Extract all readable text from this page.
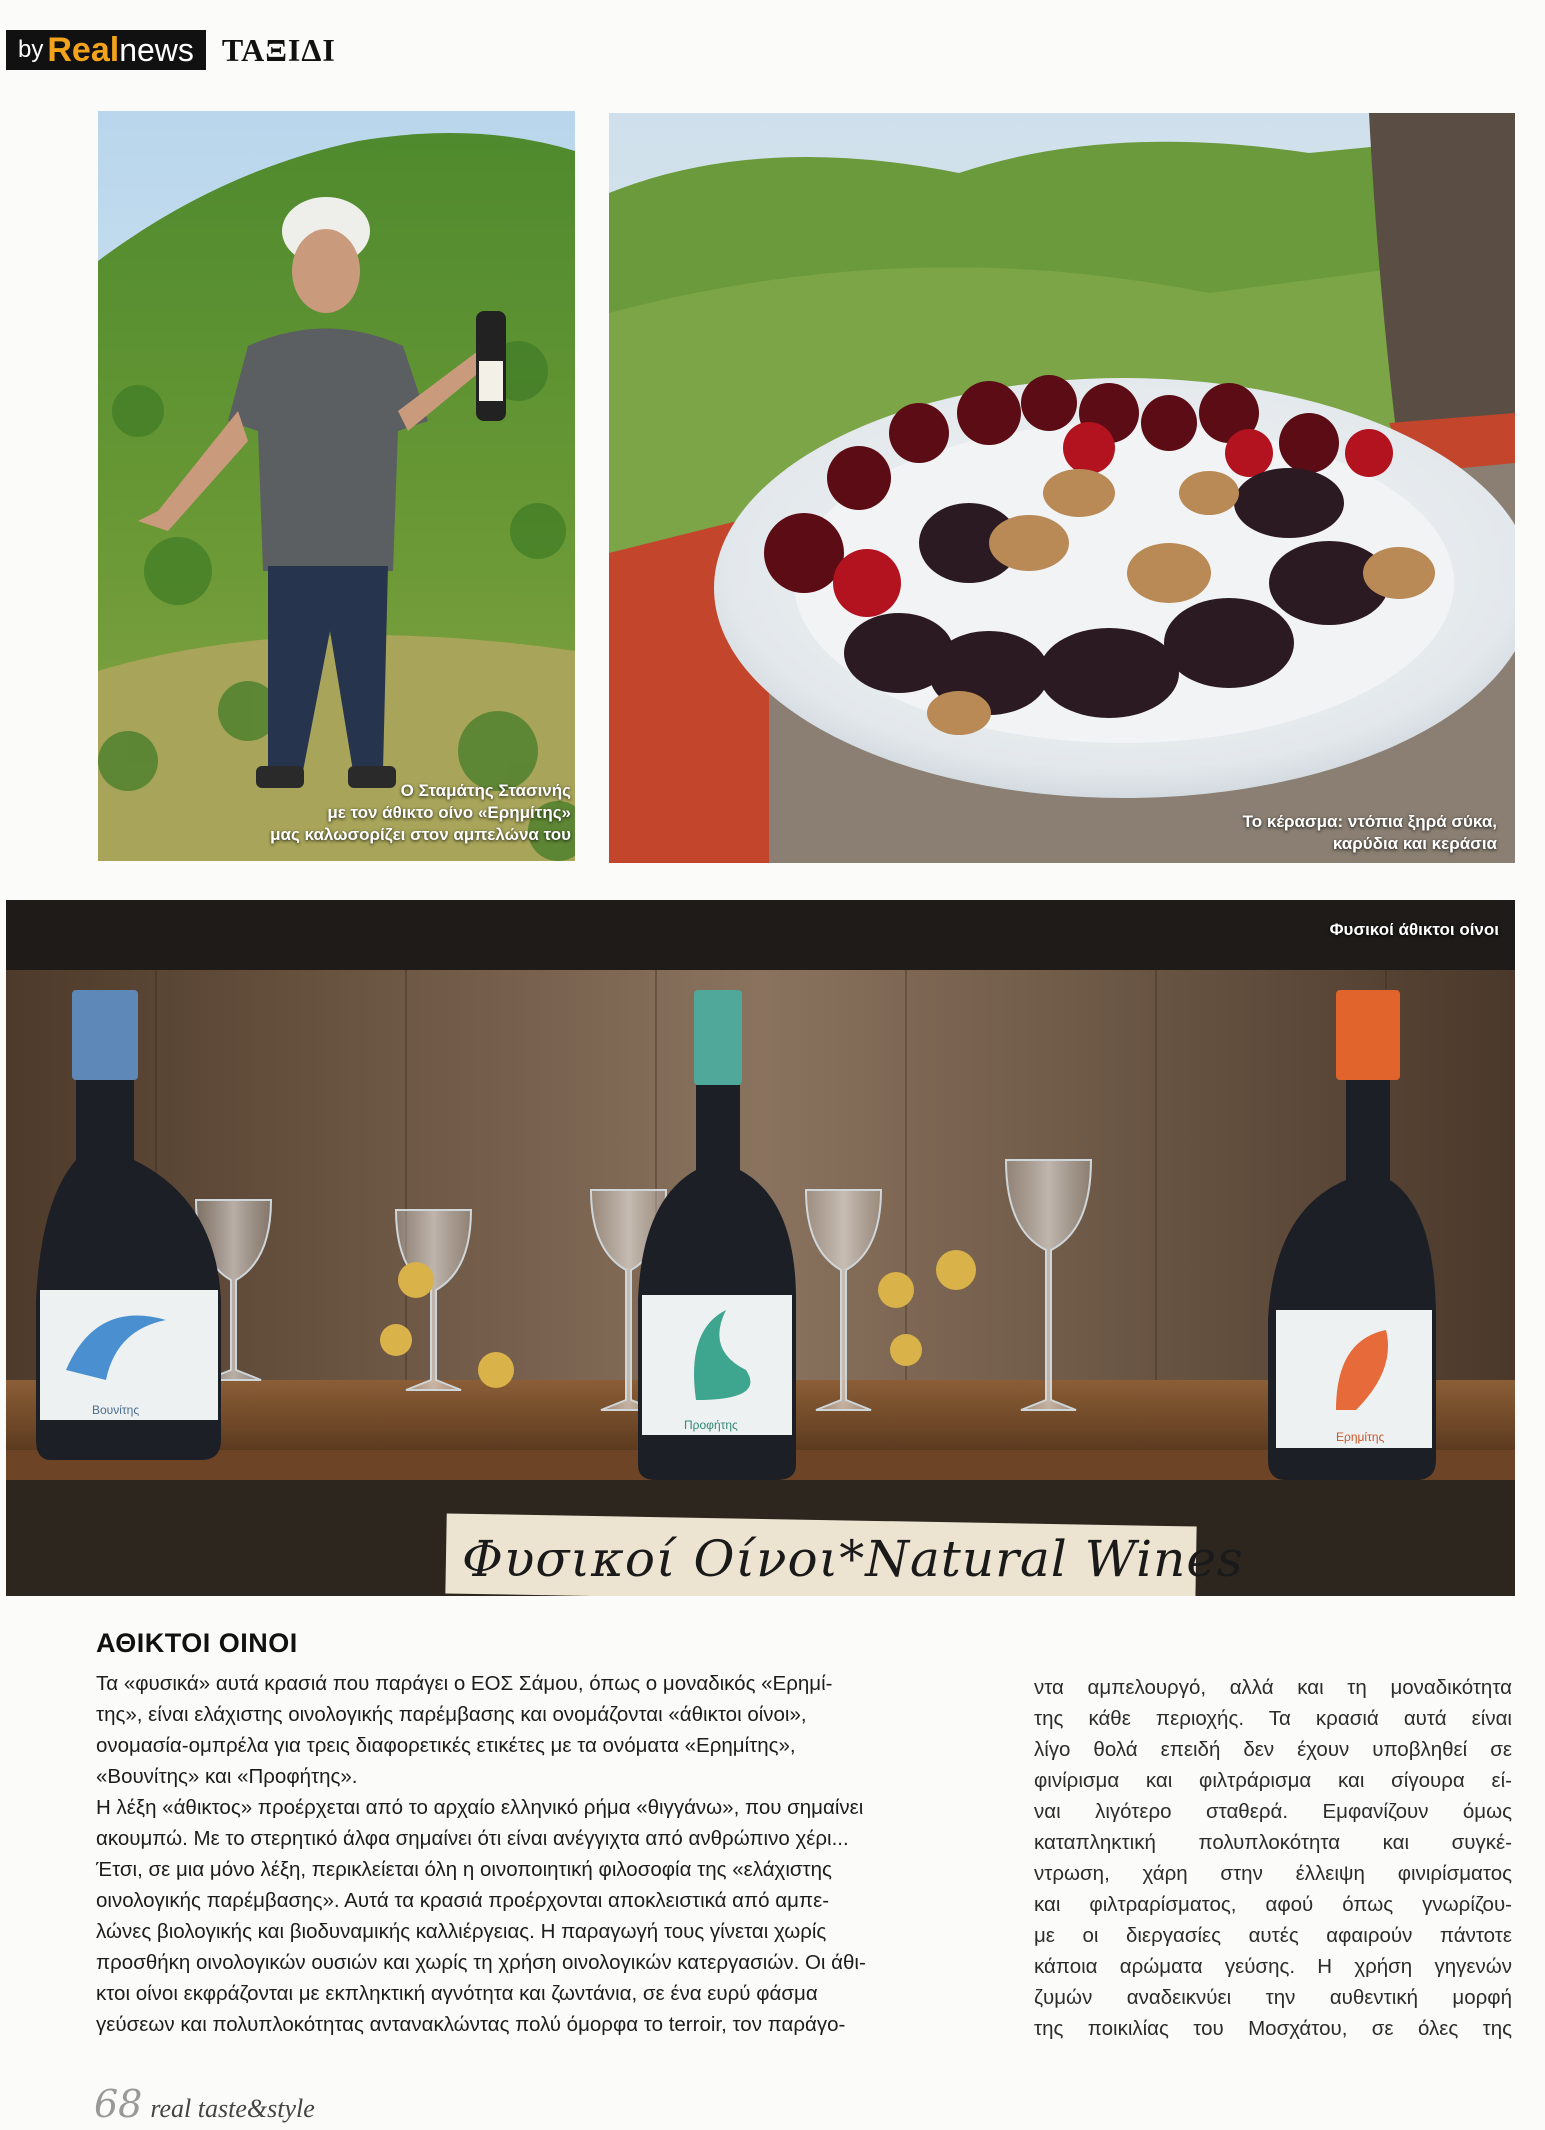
by Real news ΤΑΞΙΔΙ
Ο Σταμάτης Στασινής
με τον άθικτο οίνο «Ερημίτης»
μας καλωσορίζει στον αμπελώνα του
Το κέρασμα: ντόπια ξηρά σύκα,
καρύδια και κεράσια
Φυσικοί άθικτοι οίνοι
Φυσικοί Οίνοι*Natural Wines
Βουνίτης
Προφήτης
Ερημίτης
ΑΘΙΚΤΟΙ ΟΙΝΟΙ

Τα «φυσικά» αυτά κρασιά που παράγει ο ΕΟΣ Σάμου, όπως ο μοναδικός «Ερημί-

της», είναι ελάχιστης οινολογικής παρέμβασης και ονομάζονται «άθικτοι οίνοι»,

ονομασία-ομπρέλα για τρεις διαφορετικές ετικέτες με τα ονόματα «Ερημίτης»,

«Βουνίτης» και «Προφήτης».

Η λέξη «άθικτος» προέρχεται από το αρχαίο ελληνικό ρήμα «θιγγάνω», που σημαίνει

ακουμπώ. Με το στερητικό άλφα σημαίνει ότι είναι ανέγγιχτα από ανθρώπινο χέρι...

Έτσι, σε μια μόνο λέξη, περικλείεται όλη η οινοποιητική φιλοσοφία της «ελάχιστης

οινολογικής παρέμβασης». Αυτά τα κρασιά προέρχονται αποκλειστικά από αμπε-

λώνες βιολογικής και βιοδυναμικής καλλιέργειας. Η παραγωγή τους γίνεται χωρίς

προσθήκη οινολογικών ουσιών και χωρίς τη χρήση οινολογικών κατεργασιών. Οι άθι-

κτοι οίνοι εκφράζονται με εκπληκτική αγνότητα και ζωντάνια, σε ένα ευρύ φάσμα

γεύσεων και πολυπλοκότητας αντανακλώντας πολύ όμορφα το terroir, τον παράγο-

ντα αμπελουργό, αλλά και τη μοναδικότητα

της κάθε περιοχής. Τα κρασιά αυτά είναι

λίγο θολά επειδή δεν έχουν υποβληθεί σε

φινίρισμα και φιλτράρισμα και σίγουρα εί-

ναι λιγότερο σταθερά. Εμφανίζουν όμως

καταπληκτική πολυπλοκότητα και συγκέ-

ντρωση, χάρη στην έλλειψη φινιρίσματος

και φιλτραρίσματος, αφού όπως γνωρίζου-

με οι διεργασίες αυτές αφαιρούν πάντοτε

κάποια αρώματα γεύσης. Η χρήση γηγενών

ζυμών αναδεικνύει την αυθεντική μορφή

της ποικιλίας του Μοσχάτου, σε όλες της

68 real taste&style
